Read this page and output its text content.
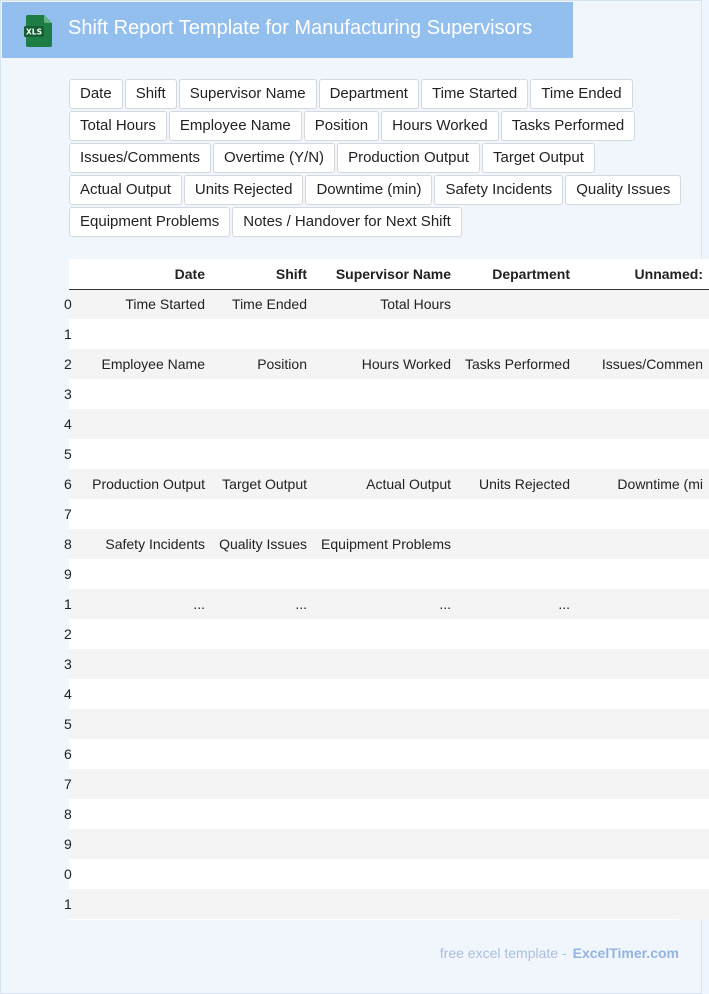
XLS Shift Report Template for Manufacturing Supervisors
Date	Shift	Supervisor Name	Department	Time Started	Time Ended
Total Hours	Employee Name	Position	Hours Worked	Tasks Performed
Issues/Comments	Overtime (Y/N)	Production Output	Target Output
Actual Output	Units Rejected	Downtime (min)	Safety Incidents	Quality Issues
Equipment Problems	Notes / Handover for Next Shift
	Date	Shift	Supervisor Name	Department	Unnamed:
0	Time Started	Time Ended	Total Hours		
1					
2	Employee Name	Position	Hours Worked	Tasks Performed	Issues/Commen
3					
4					
5					
6	Production Output	Target Output	Actual Output	Units Rejected	Downtime (mi
7					
8	Safety Incidents	Quality Issues	Equipment Problems		
9					
1	...	...	...	...	
2					
3					
4					
5					
6					
7					
8					
9					
0					
1					
free excel template - ExcelTimer.com
